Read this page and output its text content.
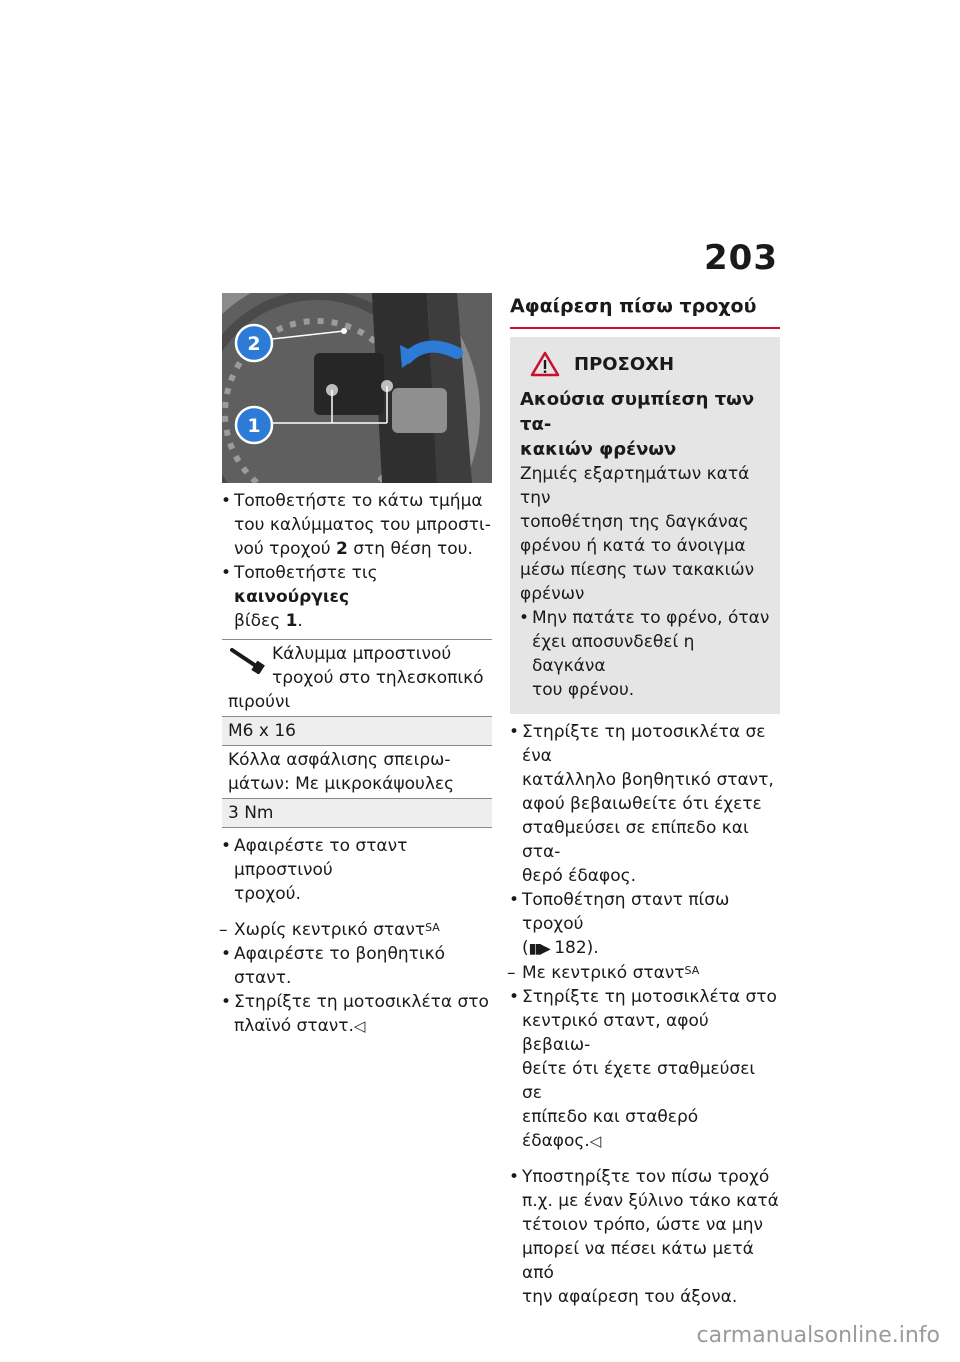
203
2
1

• Τοποθετήστε το κάτω τμήμα

του καλύμματος του μπροστι-

νού τροχού 2 στη θέση του.

• Τοποθετήστε τις καινούργιες

βίδες 1.

Κάλυμμα μπροστινού
τροχού στο τηλεσκοπικό
πιρούνι
M6 x 16
Κόλλα ασφάλισης σπειρω-
μάτων: Με μικροκάψουλες
3 Nm

• Αφαιρέστε το σταντ μπροστινού

τροχού.

– Χωρίς κεντρικό σταντ$^{SA}$

• Αφαιρέστε το βοηθητικό σταντ.

• Στηρίξτε τη μοτοσικλέτα στο

πλαϊνό σταντ.◁

Αφαίρεση πίσω τροχού
ΠΡΟΣΟΧΗ
Ακούσια συμπίεση των τα-
κακιών φρένων

Ζημιές εξαρτημάτων κατά την

τοποθέτηση της δαγκάνας

φρένου ή κατά το άνοιγμα

μέσω πίεσης των τακακιών

φρένων

• Μην πατάτε το φρένο, όταν

έχει αποσυνδεθεί η δαγκάνα

του φρένου.

• Στηρίξτε τη μοτοσικλέτα σε ένα

κατάλληλο βοηθητικό σταντ,

αφού βεβαιωθείτε ότι έχετε

σταθμεύσει σε επίπεδο και στα-

θερό έδαφος.

• Τοποθέτηση σταντ πίσω τροχού

(▮▮▶ 182).

– Με κεντρικό σταντ$^{SA}$

• Στηρίξτε τη μοτοσικλέτα στο

κεντρικό σταντ, αφού βεβαιω-

θείτε ότι έχετε σταθμεύσει σε

επίπεδο και σταθερό έδαφος.◁

• Υποστηρίξτε τον πίσω τροχό

π.χ. με έναν ξύλινο τάκο κατά

τέτοιον τρόπο, ώστε να μην

μπορεί να πέσει κάτω μετά από

την αφαίρεση του άξονα.

carmanualsonline.info
